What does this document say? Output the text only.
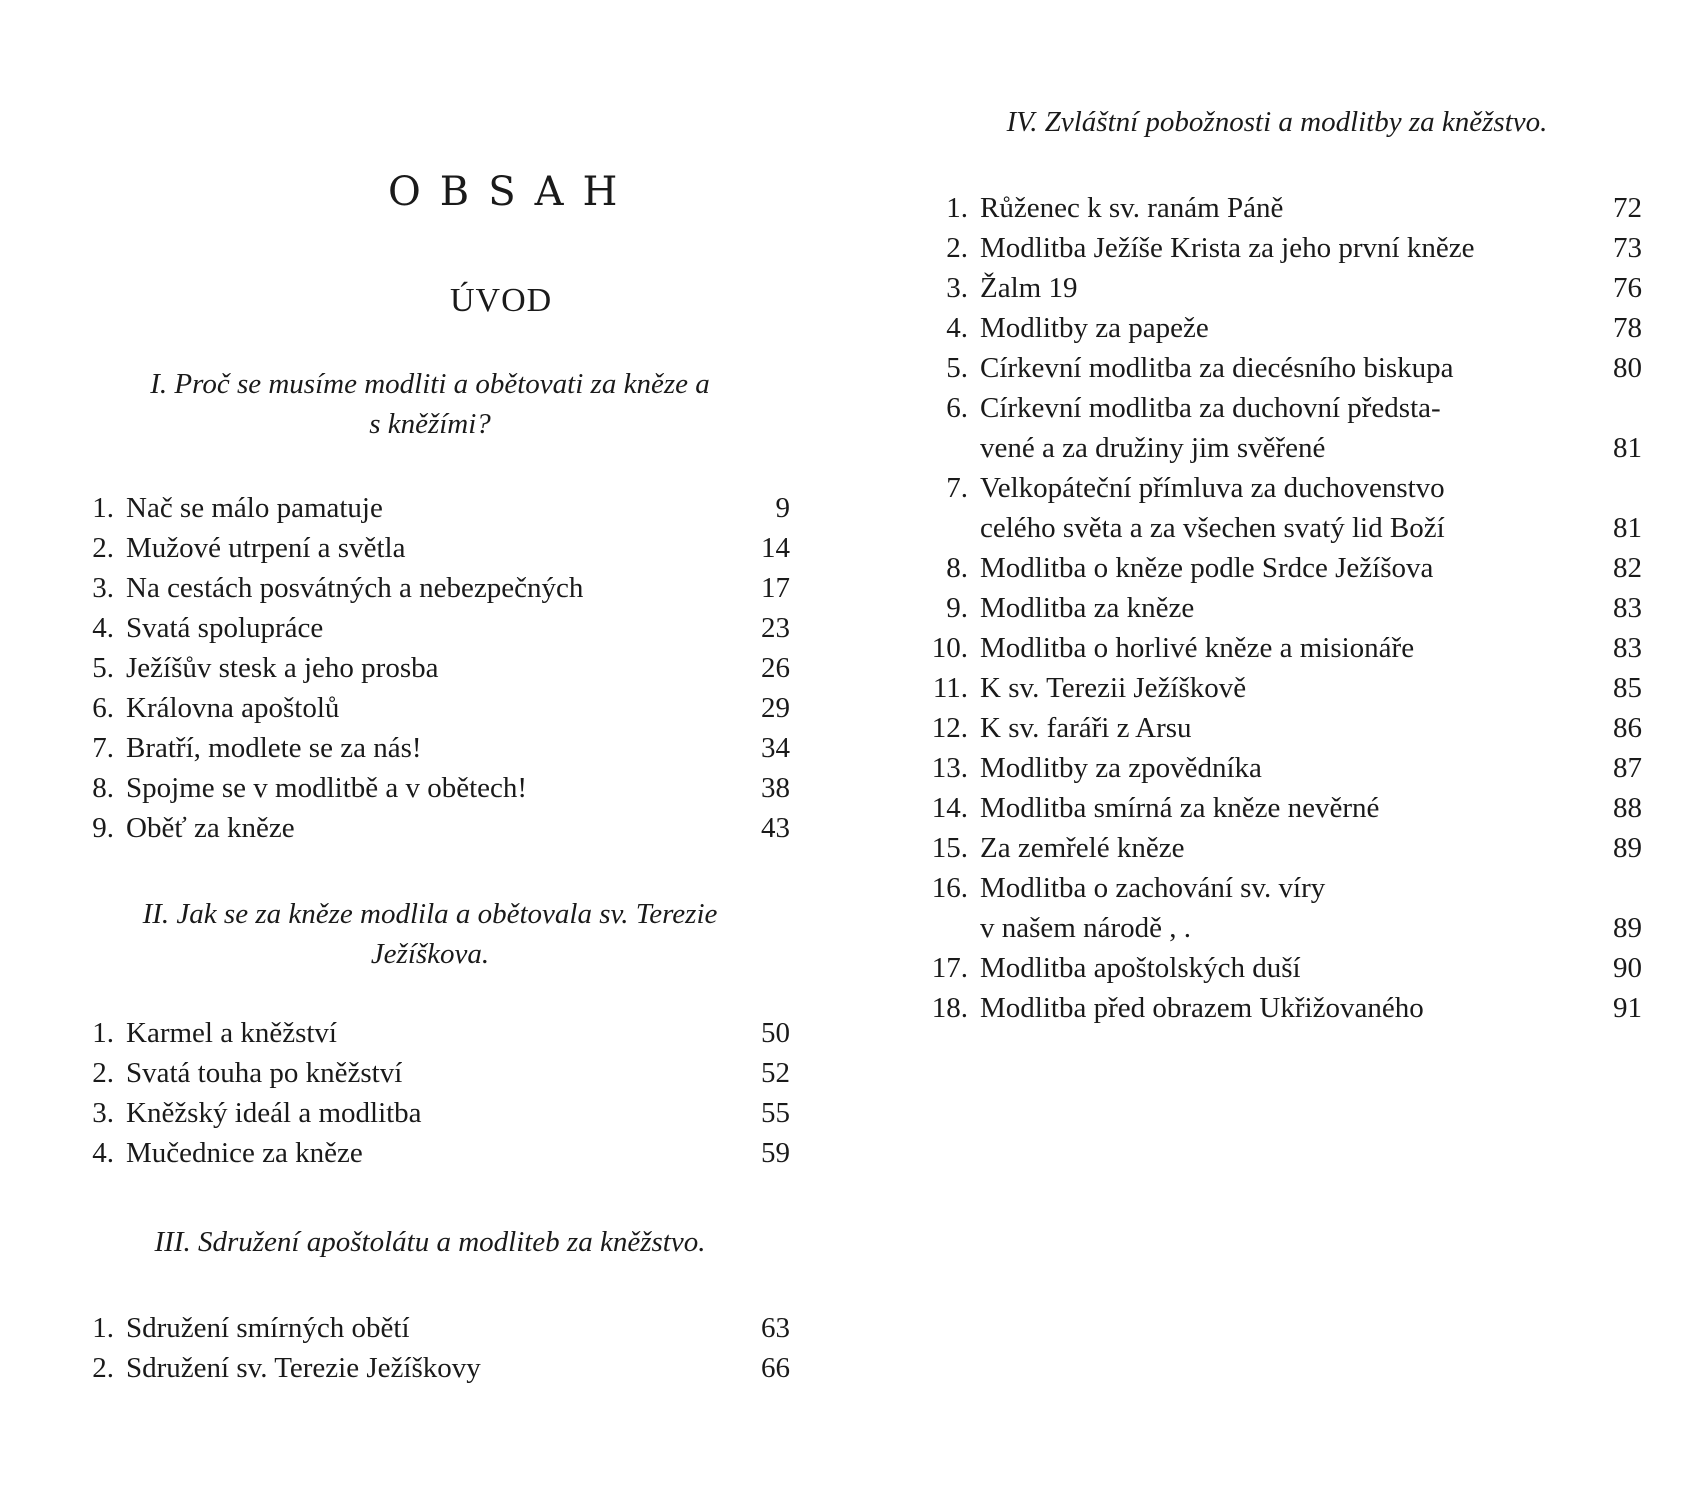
OBSAH
ÚVOD
I. Proč se musíme modliti a obětovati za kněze a
s kněžími?
1. Nač se málo pamatuje	9
2. Mužové utrpení a světla	14
3. Na cestách posvátných a nebezpečných	17
4. Svatá spolupráce	23
5. Ježíšův stesk a jeho prosba	26
6. Královna apoštolů	29
7. Bratří, modlete se za nás!	34
8. Spojme se v modlitbě a v obětech!	38
9. Oběť za kněze	43
II. Jak se za kněze modlila a obětovala sv. Terezie
Ježíškova.
1. Karmel a kněžství	50
2. Svatá touha po kněžství	52
3. Kněžský ideál a modlitba	55
4. Mučednice za kněze	59
III. Sdružení apoštolátu a modliteb za kněžstvo.
1. Sdružení smírných obětí	63
2. Sdružení sv. Terezie Ježíškovy	66
IV. Zvláštní pobožnosti a modlitby za kněžstvo.
1. Růženec k sv. ranám Páně	72
2. Modlitba Ježíše Krista za jeho první kněze	73
3. Žalm 19	76
4. Modlitby za papeže	78
5. Církevní modlitba za diecésního biskupa	80
6. Církevní modlitba za duchovní předsta-
vené a za družiny jim svěřené	81
7. Velkopáteční přímluva za duchovenstvo
celého světa a za všechen svatý lid Boží	81
8. Modlitba o kněze podle Srdce Ježíšova	82
9. Modlitba za kněze	83
10. Modlitba o horlivé kněze a misionáře	83
11. K sv. Terezii Ježíškově	85
12. K sv. faráři z Arsu	86
13. Modlitby za zpovědníka	87
14. Modlitba smírná za kněze nevěrné	88
15. Za zemřelé kněze	89
16. Modlitba o zachování sv. víry
v našem národě , .	89
17. Modlitba apoštolských duší	90
18. Modlitba před obrazem Ukřižovaného	91
